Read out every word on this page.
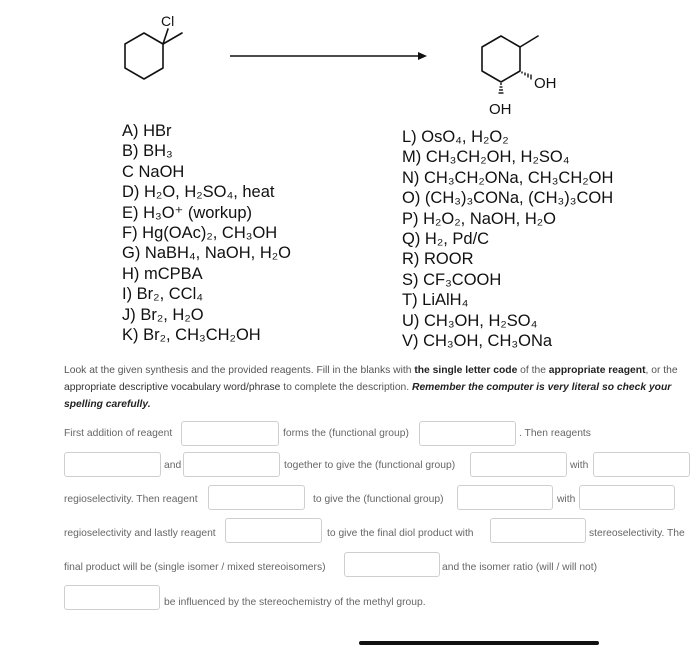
Cl
OH
OH
A) HBr
B) BH₃
C NaOH
D) H₂O, H₂SO₄, heat
E) H₃O⁺ (workup)
F) Hg(OAc)₂, CH₃OH
G) NaBH₄, NaOH, H₂O
H) mCPBA
I) Br₂, CCl₄
J) Br₂, H₂O
K) Br₂, CH₃CH₂OH
L) OsO₄, H₂O₂
M) CH₃CH₂OH, H₂SO₄
N) CH₃CH₂ONa, CH₃CH₂OH
O) (CH₃)₃CONa, (CH₃)₃COH
P) H₂O₂, NaOH, H₂O
Q) H₂, Pd/C
R) ROOR
S) CF₃COOH
T) LiAlH₄
U) CH₃OH, H₂SO₄
V) CH₃OH, CH₃ONa
Look at the given synthesis and the provided reagents. Fill in the blanks with the single letter code of the appropriate reagent, or the appropriate descriptive vocabulary word/phrase to complete the description. Remember the computer is very literal so check your spelling carefully.
First addition of reagent	forms the (functional group)	. Then reagents
and	together to give the (functional group)	with
regioselectivity. Then reagent	to give the (functional group)	with
regioselectivity and lastly reagent	to give the final diol product with	stereoselectivity. The
final product will be (single isomer / mixed stereoisomers)	and the isomer ratio (will / will not)
be influenced by the stereochemistry of the methyl group.
